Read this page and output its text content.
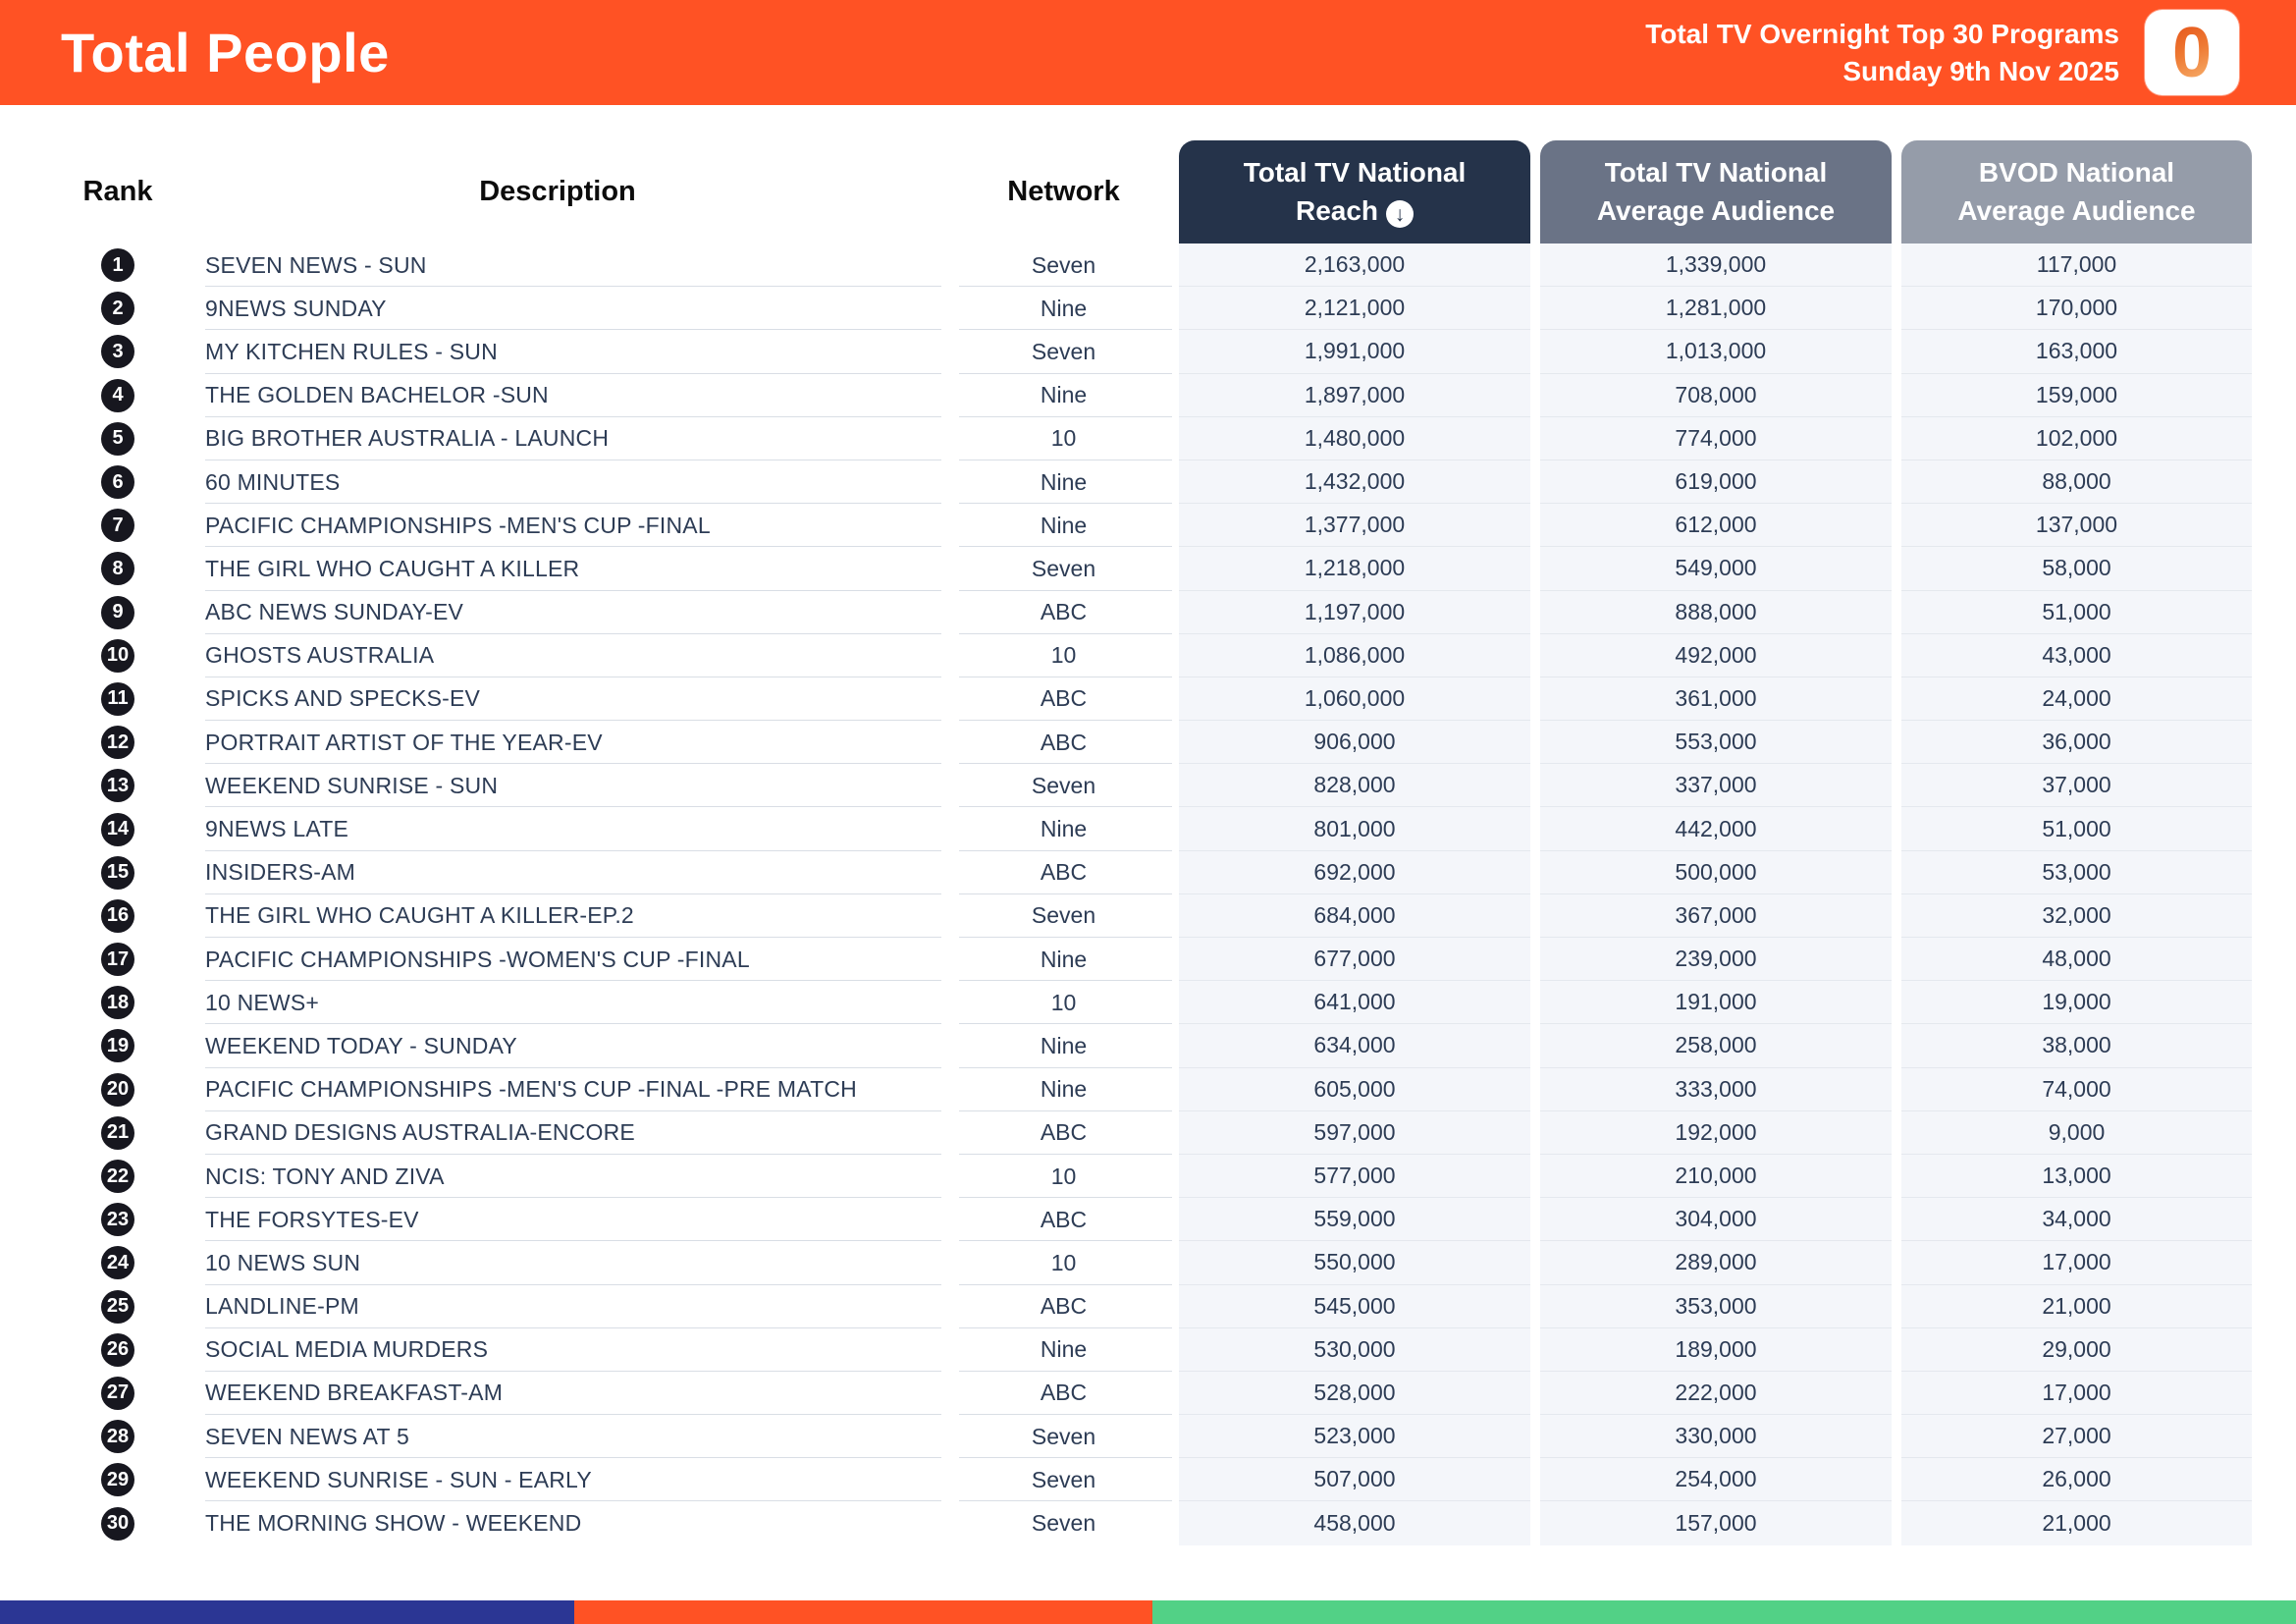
Total People	Total TV Overnight Top 30 Programs
Sunday 9th Nov 2025 0
Rank	Description	Network
Total TV National
Reach ↓
Total TV National
Average Audience
BVOD National
Average Audience
1	SEVEN NEWS - SUN	Seven	2,163,000	1,339,000	117,000
2	9NEWS SUNDAY	Nine	2,121,000	1,281,000	170,000
3	MY KITCHEN RULES - SUN	Seven	1,991,000	1,013,000	163,000
4	THE GOLDEN BACHELOR -SUN	Nine	1,897,000	708,000	159,000
5	BIG BROTHER AUSTRALIA - LAUNCH	10	1,480,000	774,000	102,000
6	60 MINUTES	Nine	1,432,000	619,000	88,000
7	PACIFIC CHAMPIONSHIPS -MEN'S CUP -FINAL	Nine	1,377,000	612,000	137,000
8	THE GIRL WHO CAUGHT A KILLER	Seven	1,218,000	549,000	58,000
9	ABC NEWS SUNDAY-EV	ABC	1,197,000	888,000	51,000
10	GHOSTS AUSTRALIA	10	1,086,000	492,000	43,000
11	SPICKS AND SPECKS-EV	ABC	1,060,000	361,000	24,000
12	PORTRAIT ARTIST OF THE YEAR-EV	ABC	906,000	553,000	36,000
13	WEEKEND SUNRISE - SUN	Seven	828,000	337,000	37,000
14	9NEWS LATE	Nine	801,000	442,000	51,000
15	INSIDERS-AM	ABC	692,000	500,000	53,000
16	THE GIRL WHO CAUGHT A KILLER-EP.2	Seven	684,000	367,000	32,000
17	PACIFIC CHAMPIONSHIPS -WOMEN'S CUP -FINAL	Nine	677,000	239,000	48,000
18	10 NEWS+	10	641,000	191,000	19,000
19	WEEKEND TODAY - SUNDAY	Nine	634,000	258,000	38,000
20	PACIFIC CHAMPIONSHIPS -MEN'S CUP -FINAL -PRE MATCH	Nine	605,000	333,000	74,000
21	GRAND DESIGNS AUSTRALIA-ENCORE	ABC	597,000	192,000	9,000
22	NCIS: TONY AND ZIVA	10	577,000	210,000	13,000
23	THE FORSYTES-EV	ABC	559,000	304,000	34,000
24	10 NEWS SUN	10	550,000	289,000	17,000
25	LANDLINE-PM	ABC	545,000	353,000	21,000
26	SOCIAL MEDIA MURDERS	Nine	530,000	189,000	29,000
27	WEEKEND BREAKFAST-AM	ABC	528,000	222,000	17,000
28	SEVEN NEWS AT 5	Seven	523,000	330,000	27,000
29	WEEKEND SUNRISE - SUN - EARLY	Seven	507,000	254,000	26,000
30	THE MORNING SHOW - WEEKEND	Seven	458,000	157,000	21,000
